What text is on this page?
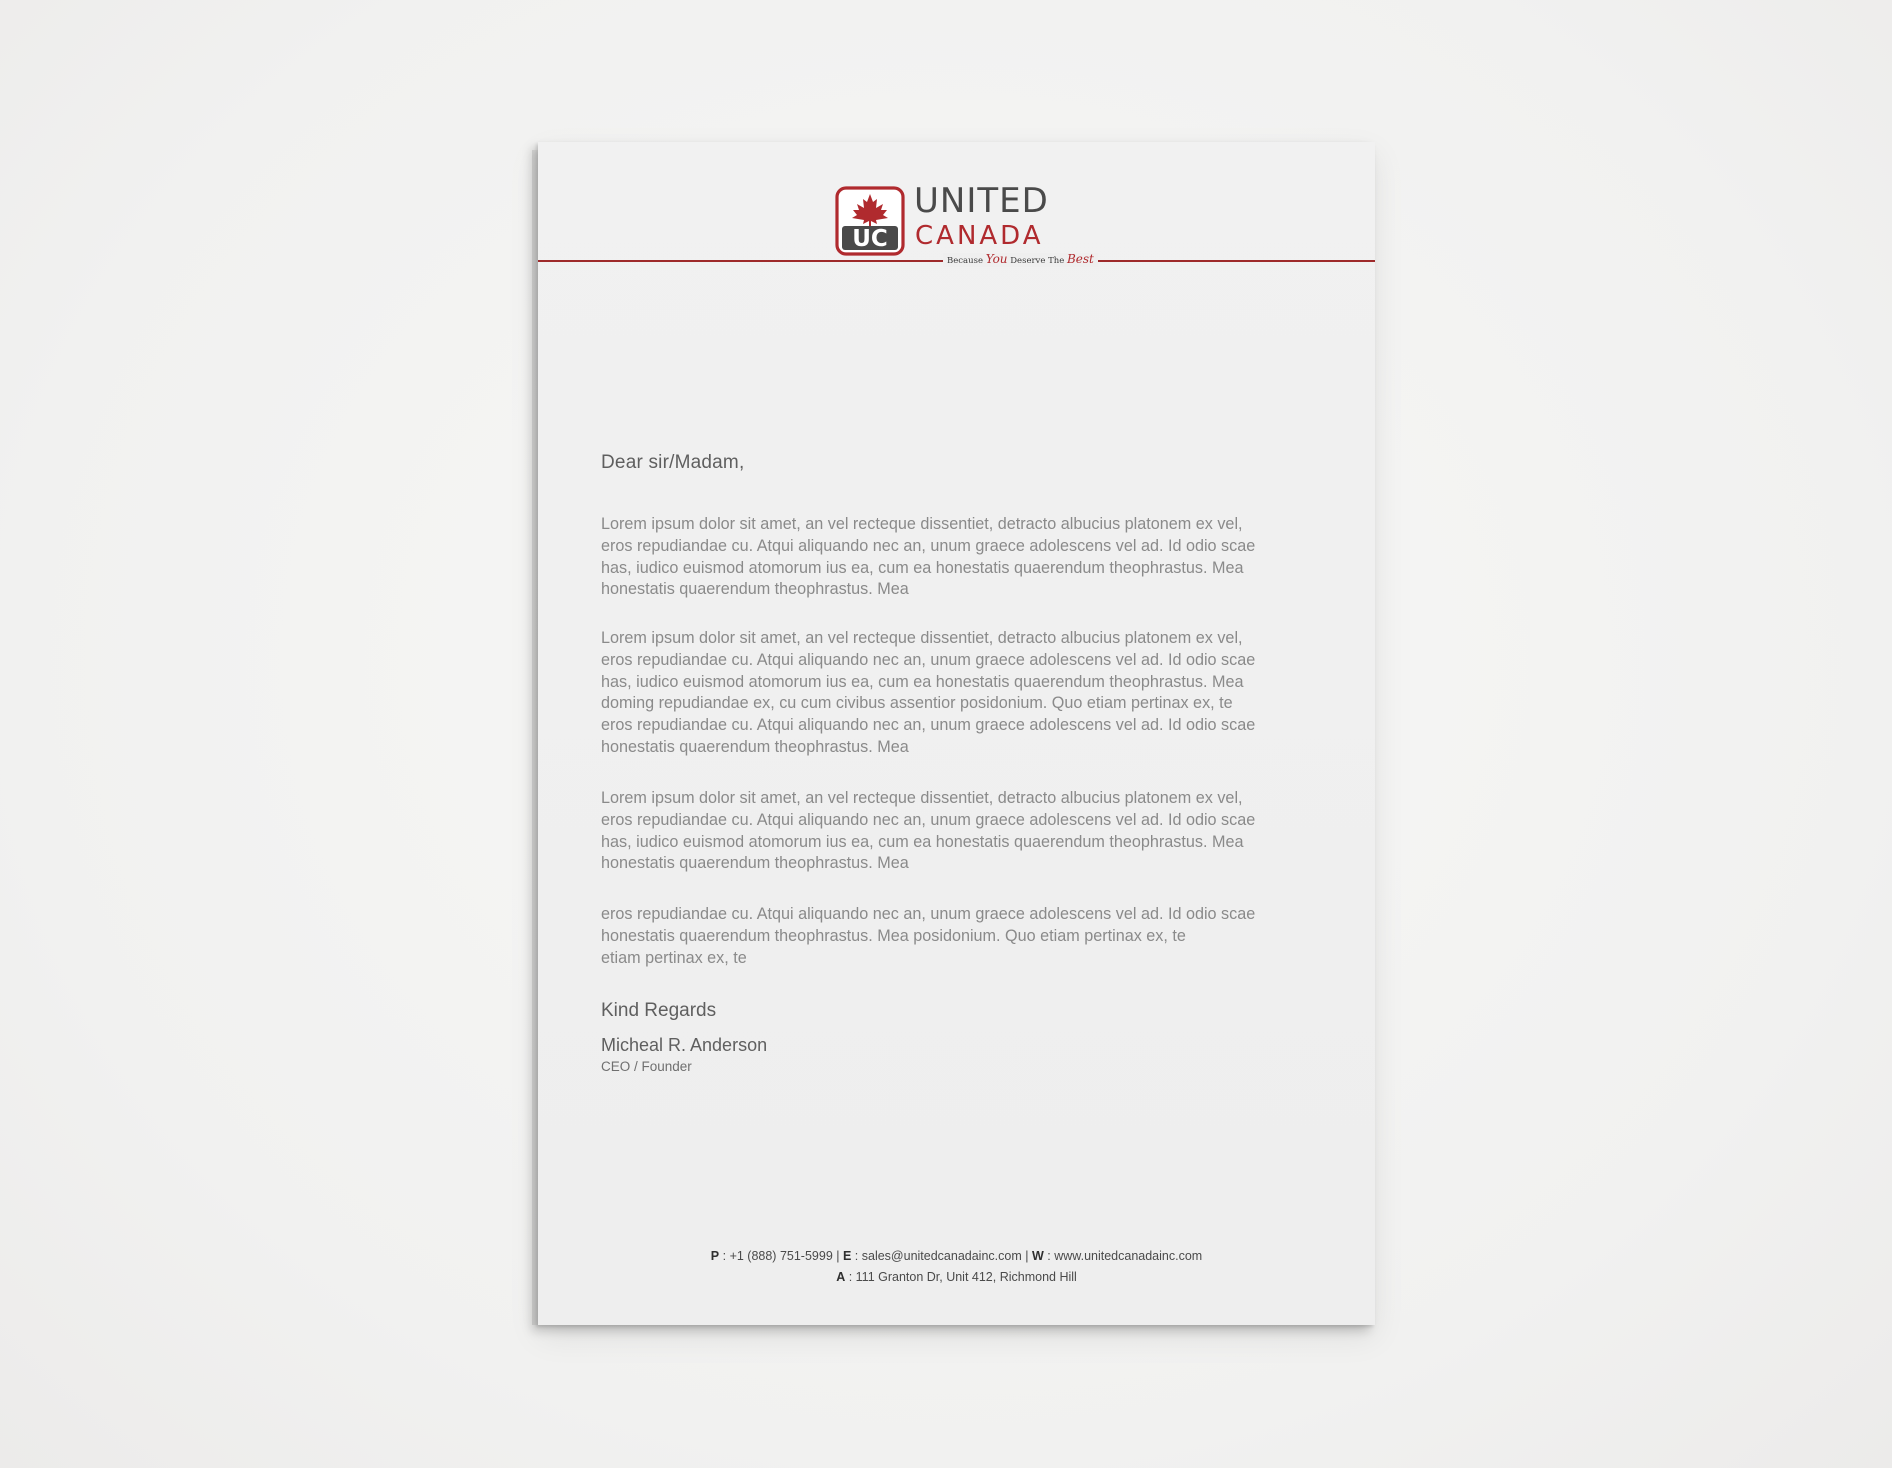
UC
UNITED
CANADA
Because You Deserve The Best
Dear sir/Madam,
Lorem ipsum dolor sit amet, an vel recteque dissentiet, detracto albucius platonem ex vel,
eros repudiandae cu. Atqui aliquando nec an, unum graece adolescens vel ad. Id odio scae
has, iudico euismod atomorum ius ea, cum ea honestatis quaerendum theophrastus. Mea
honestatis quaerendum theophrastus. Mea
Lorem ipsum dolor sit amet, an vel recteque dissentiet, detracto albucius platonem ex vel,
eros repudiandae cu. Atqui aliquando nec an, unum graece adolescens vel ad. Id odio scae
has, iudico euismod atomorum ius ea, cum ea honestatis quaerendum theophrastus. Mea
doming repudiandae ex, cu cum civibus assentior posidonium. Quo etiam pertinax ex, te
eros repudiandae cu. Atqui aliquando nec an, unum graece adolescens vel ad. Id odio scae
honestatis quaerendum theophrastus. Mea
Lorem ipsum dolor sit amet, an vel recteque dissentiet, detracto albucius platonem ex vel,
eros repudiandae cu. Atqui aliquando nec an, unum graece adolescens vel ad. Id odio scae
has, iudico euismod atomorum ius ea, cum ea honestatis quaerendum theophrastus. Mea
honestatis quaerendum theophrastus. Mea
eros repudiandae cu. Atqui aliquando nec an, unum graece adolescens vel ad. Id odio scae
honestatis quaerendum theophrastus. Mea posidonium. Quo etiam pertinax ex, te
etiam pertinax ex, te
Kind Regards
Micheal R. Anderson
CEO / Founder
P : +1 (888) 751-5999 | E : sales@unitedcanadainc.com | W : www.unitedcanadainc.com
A : 111 Granton Dr, Unit 412, Richmond Hill
